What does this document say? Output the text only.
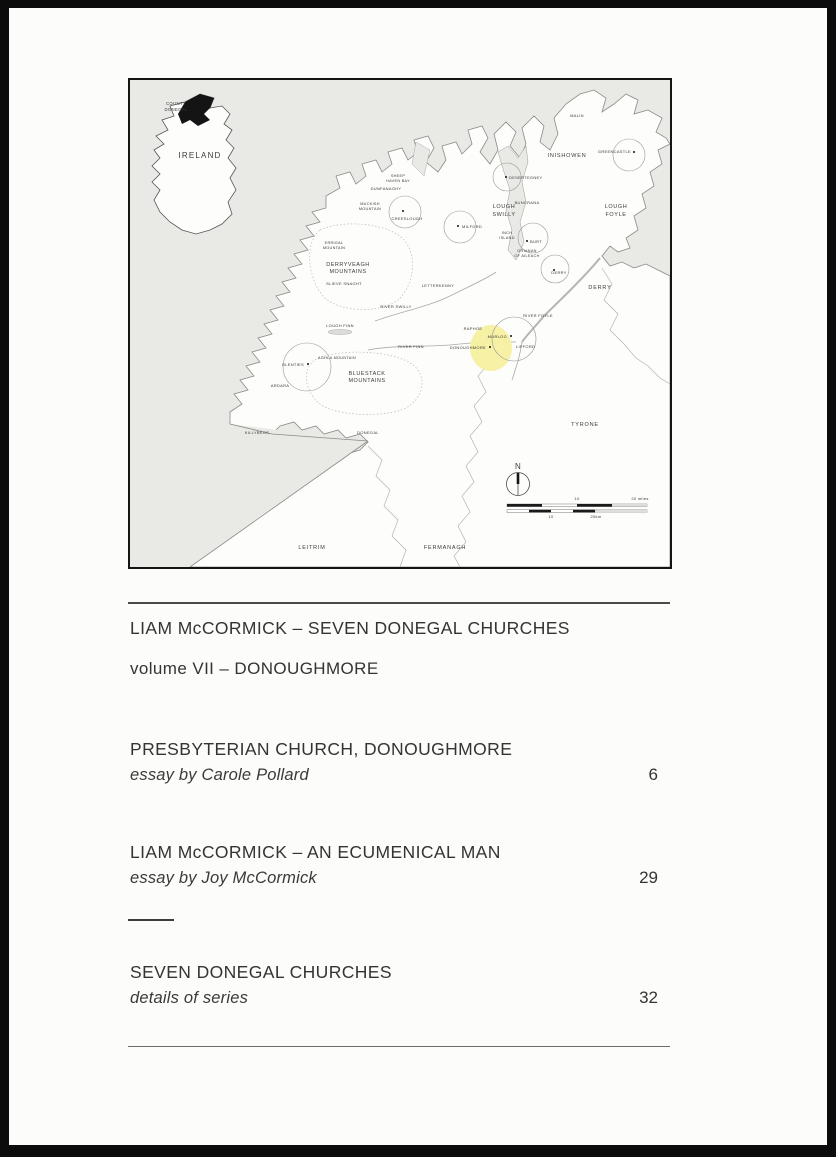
COUNTY
DONEGAL
IRELAND
MALIN
INISHOWEN
GREENCASTLE
DESERTEGNEY
SHEEP
HAVEN BAY
DUNFANAGHY
MUCKISH
MOUNTAIN
CREESLOUGH
MILFORD
BUNCRANA
LOUGH
SWILLY
LOUGH
FOYLE
INCH
ISLAND
BURT
GRIANAN
OF AILEACH
DERRY
DERRY
ERRIGAL
MOUNTAIN
DERRYVEAGH
MOUNTAINS
SLIEVE SNAGHT	LETTERKENNY
RIVER SWILLY
RIVER FOYLE
LOUGH FINN
RIVER FINN
RAPHOE
MURLOG
DONOUGHMORE	LIFFORD
GLENTIES
AGHLA MOUNTAIN
BLUESTACK
MOUNTAINS
ARDARA
KILLYBEGS	DONEGAL
TYRONE
LEITRIM	FERMANAGH
N
10	20 miles
10	20km
LIAM McCORMICK – SEVEN DONEGAL CHURCHES
volume VII – DONOUGHMORE
PRESBYTERIAN CHURCH, DONOUGHMORE
essay by Carole Pollard	6
LIAM McCORMICK – AN ECUMENICAL MAN
essay by Joy McCormick	29
SEVEN DONEGAL CHURCHES
details of series	32
